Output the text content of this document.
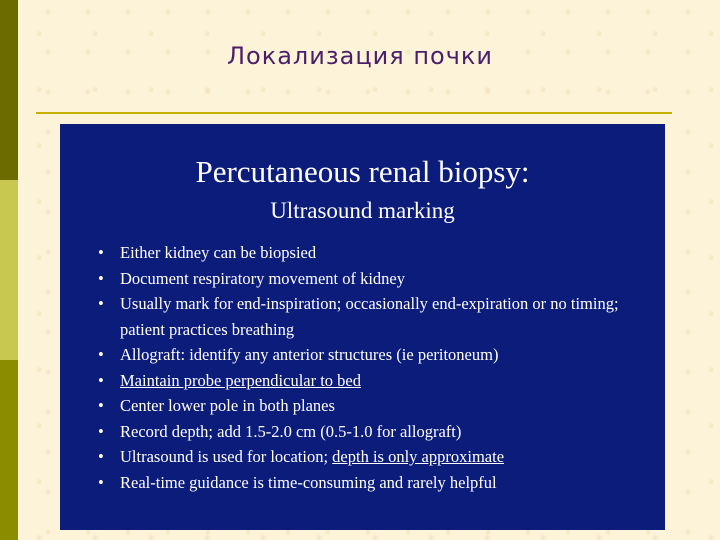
Локализация почки
Percutaneous renal biopsy:
Ultrasound marking
• Either kidney can be biopsied
• Document respiratory movement of kidney
• Usually mark for end-inspiration; occasionally end-expiration or no timing; patient practices breathing
• Allograft: identify any anterior structures (ie peritoneum)
• Maintain probe perpendicular to bed
• Center lower pole in both planes
• Record depth; add 1.5-2.0 cm (0.5-1.0 for allograft)
• Ultrasound is used for location; depth is only approximate
• Real-time guidance is time-consuming and rarely helpful
